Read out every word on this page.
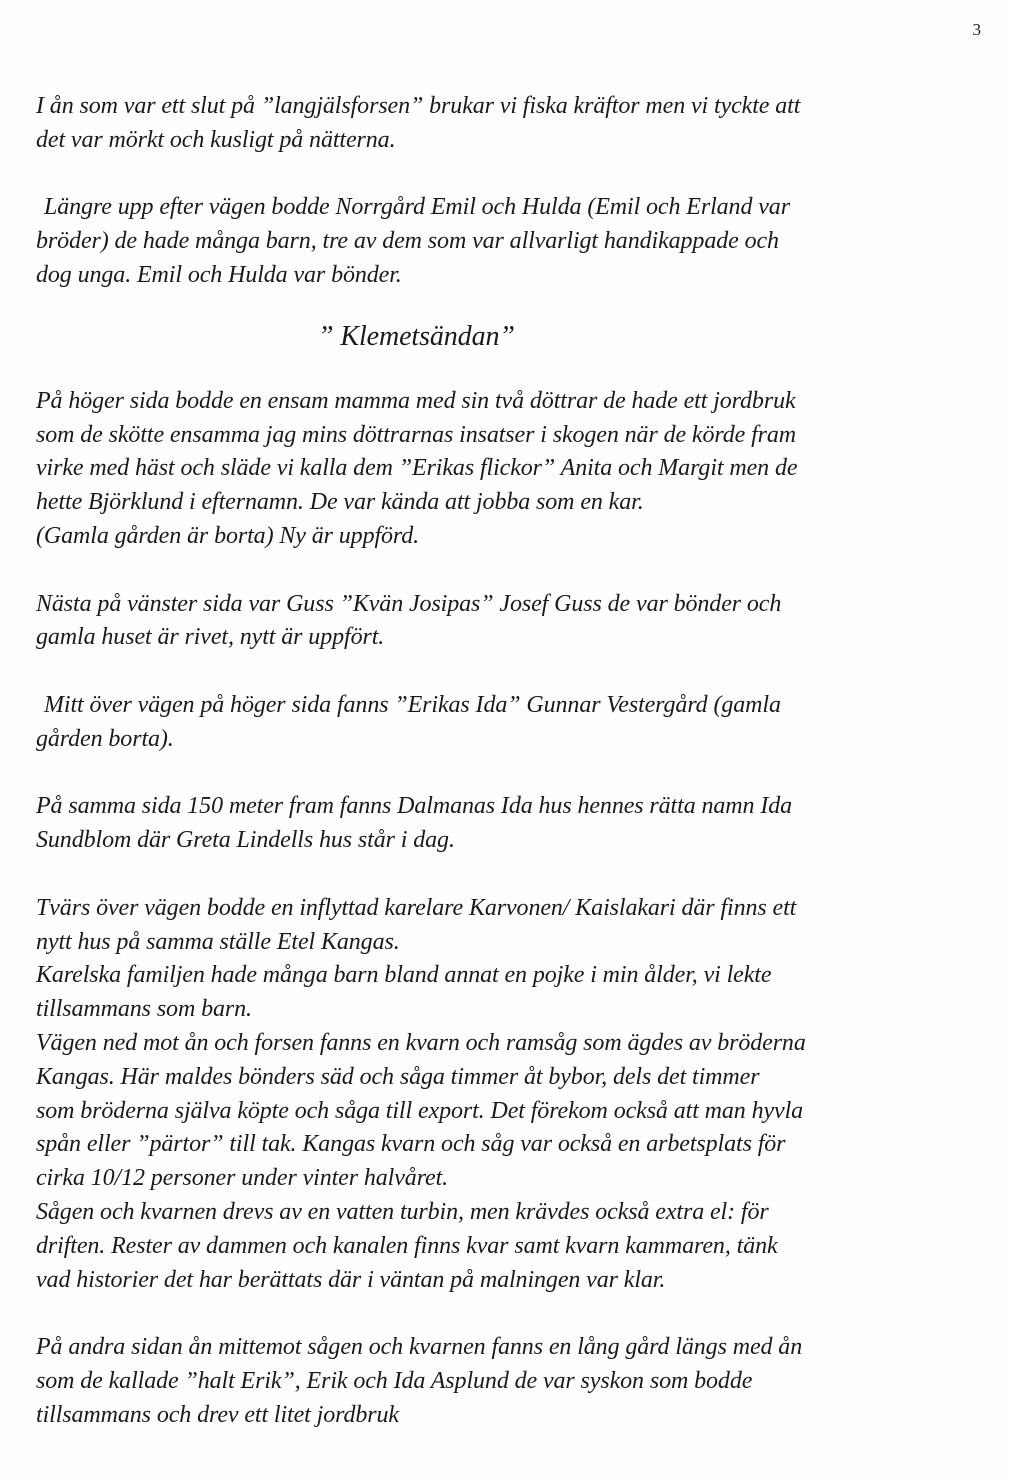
3
I ån som var ett slut på ”langjälsforsen” brukar vi fiska kräftor men vi tyckte att
det var mörkt och kusligt på nätterna.
Längre upp efter vägen bodde Norrgård Emil och Hulda (Emil och Erland var
bröder) de hade många barn, tre av dem som var allvarligt handikappade och
dog unga. Emil och Hulda var bönder.
” Klemetsändan”
På höger sida bodde en ensam mamma med sin två döttrar de hade ett jordbruk
som de skötte ensamma jag mins döttrarnas insatser i skogen när de körde fram
virke med häst och släde vi kalla dem ”Erikas flickor” Anita och Margit men de
hette Björklund i efternamn. De var kända att jobba som en kar.
(Gamla gården är borta) Ny är uppförd.
Nästa på vänster sida var Guss ”Kvän Josipas” Josef Guss de var bönder och
gamla huset är rivet, nytt är uppfört.
Mitt över vägen på höger sida fanns ”Erikas Ida” Gunnar Vestergård (gamla
gården borta).
På samma sida 150 meter fram fanns Dalmanas Ida hus hennes rätta namn Ida
Sundblom där Greta Lindells hus står i dag.
Tvärs över vägen bodde en inflyttad karelare Karvonen/ Kaislakari där finns ett
nytt hus på samma ställe Etel Kangas.
Karelska familjen hade många barn bland annat en pojke i min ålder, vi lekte
tillsammans som barn.
Vägen ned mot ån och forsen fanns en kvarn och ramsåg som ägdes av bröderna
Kangas. Här maldes bönders säd och såga timmer åt bybor, dels det timmer
som bröderna själva köpte och såga till export. Det förekom också att man hyvla
spån eller ”pärtor” till tak. Kangas kvarn och såg var också en arbetsplats för
cirka 10/12 personer under vinter halvåret.
Sågen och kvarnen drevs av en vatten turbin, men krävdes också extra el: för
driften. Rester av dammen och kanalen finns kvar samt kvarn kammaren, tänk
vad historier det har berättats där i väntan på malningen var klar.
På andra sidan ån mittemot sågen och kvarnen fanns en lång gård längs med ån
som de kallade ”halt Erik”, Erik och Ida Asplund de var syskon som bodde
tillsammans och drev ett litet jordbruk
